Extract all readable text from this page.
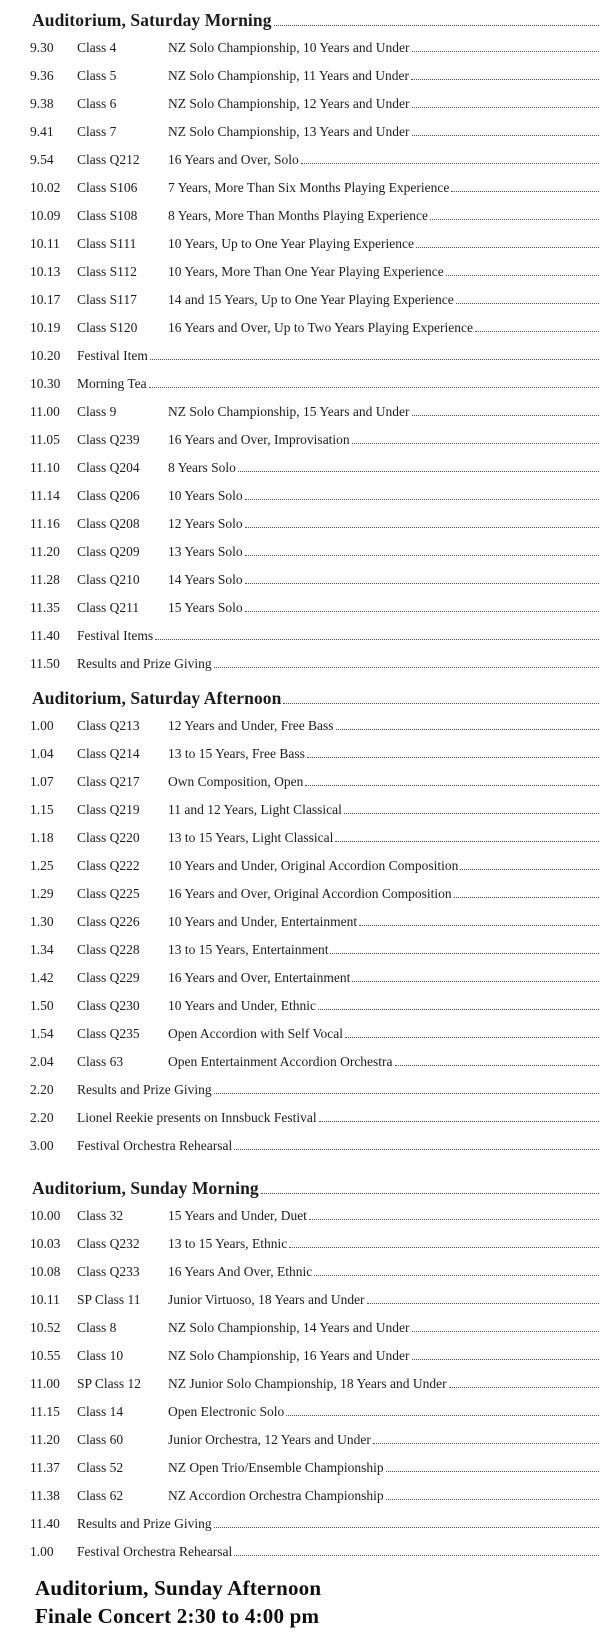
Auditorium, Saturday Morning
9.30	Class 4	NZ Solo Championship, 10 Years and Under
9.36	Class 5	NZ Solo Championship, 11 Years and Under
9.38	Class 6	NZ Solo Championship, 12 Years and Under
9.41	Class 7	NZ Solo Championship, 13 Years and Under
9.54	Class Q212	16 Years and Over, Solo
10.02	Class S106	7 Years, More Than Six Months Playing Experience
10.09	Class S108	8 Years, More Than Months Playing Experience
10.11	Class S111	10 Years, Up to One Year Playing Experience
10.13	Class S112	10 Years, More Than One Year Playing Experience
10.17	Class S117	14 and 15 Years, Up to One Year Playing Experience
10.19	Class S120	16 Years and Over, Up to Two Years Playing Experience
10.20	Festival Item
10.30	Morning Tea
11.00	Class 9	NZ Solo Championship, 15 Years and Under
11.05	Class Q239	16 Years and Over, Improvisation
11.10	Class Q204	8 Years Solo
11.14	Class Q206	10 Years Solo
11.16	Class Q208	12 Years Solo
11.20	Class Q209	13 Years Solo
11.28	Class Q210	14 Years Solo
11.35	Class Q211	15 Years Solo
11.40	Festival Items
11.50	Results and Prize Giving
Auditorium, Saturday Afternoon
1.00	Class Q213	12 Years and Under, Free Bass
1.04	Class Q214	13 to 15 Years, Free Bass
1.07	Class Q217	Own Composition, Open
1.15	Class Q219	11 and 12 Years, Light Classical
1.18	Class Q220	13 to 15 Years, Light Classical
1.25	Class Q222	10 Years and Under, Original Accordion Composition
1.29	Class Q225	16 Years and Over, Original Accordion Composition
1.30	Class Q226	10 Years and Under, Entertainment
1.34	Class Q228	13 to 15 Years, Entertainment
1.42	Class Q229	16 Years and Over, Entertainment
1.50	Class Q230	10 Years and Under, Ethnic
1.54	Class Q235	Open Accordion with Self Vocal
2.04	Class 63	Open Entertainment Accordion Orchestra
2.20	Results and Prize Giving
2.20	Lionel Reekie presents on Innsbuck Festival
3.00	Festival Orchestra Rehearsal
Auditorium, Sunday Morning
10.00	Class 32	15 Years and Under, Duet
10.03	Class Q232	13 to 15 Years, Ethnic
10.08	Class Q233	16 Years And Over, Ethnic
10.11	SP Class 11	Junior Virtuoso, 18 Years and Under
10.52	Class 8	NZ Solo Championship, 14 Years and Under
10.55	Class 10	NZ Solo Championship, 16 Years and Under
11.00	SP Class 12	NZ Junior Solo Championship, 18 Years and Under
11.15	Class 14	Open Electronic Solo
11.20	Class 60	Junior Orchestra, 12 Years and Under
11.37	Class 52	NZ Open Trio/Ensemble Championship
11.38	Class 62	NZ Accordion Orchestra Championship
11.40	Results and Prize Giving
1.00	Festival Orchestra Rehearsal
Auditorium, Sunday Afternoon
Finale Concert 2:30 to 4:00 pm
